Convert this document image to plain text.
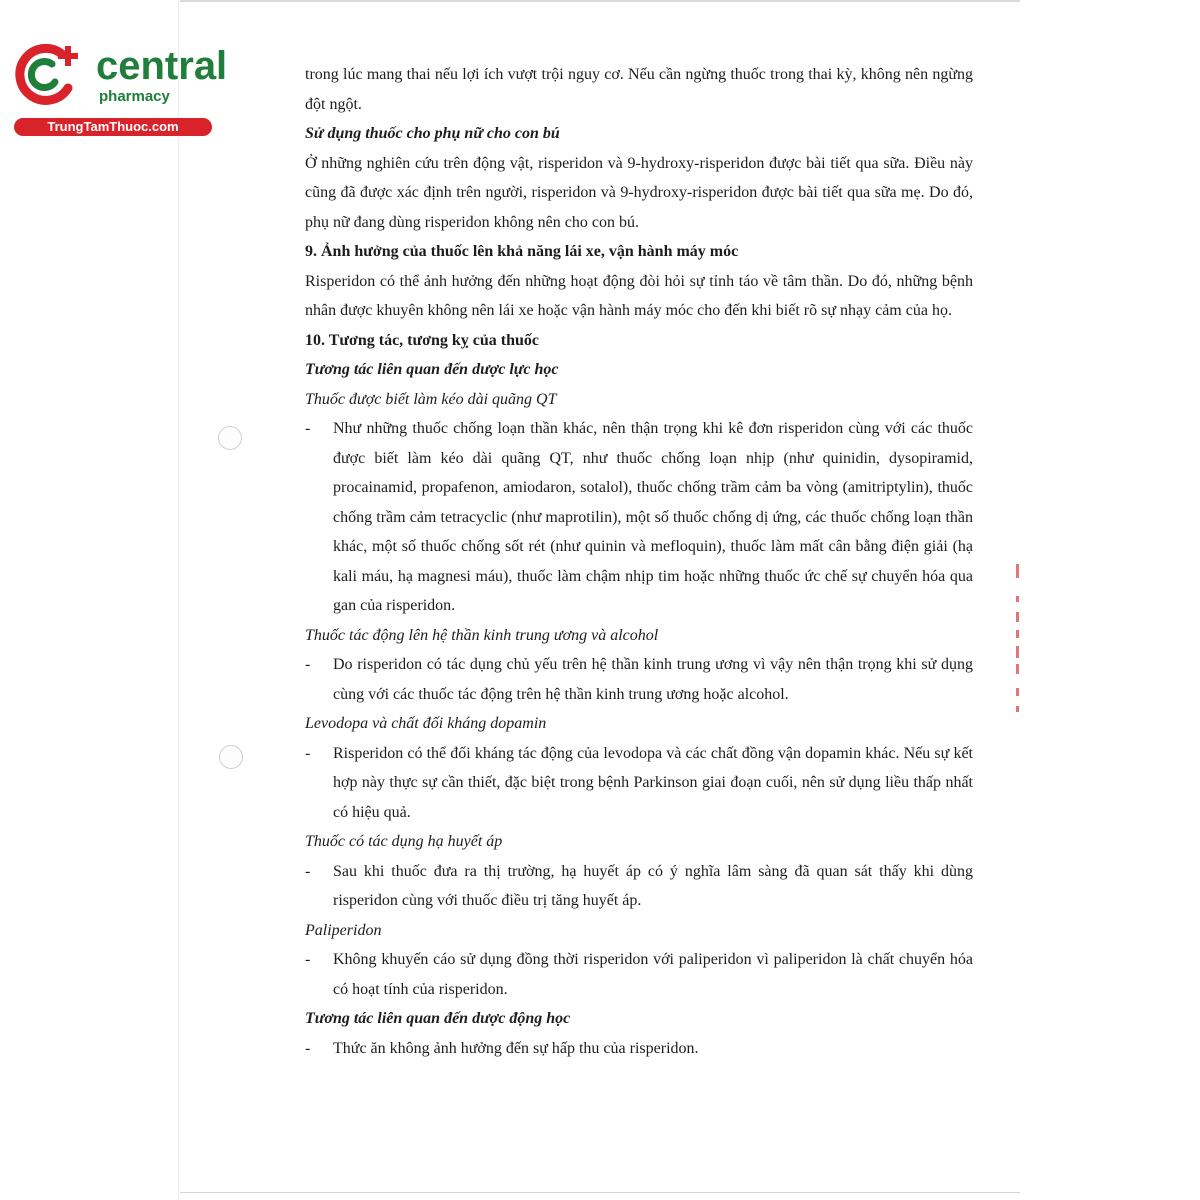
central
pharmacy
TrungTamThuoc.com

trong lúc mang thai nếu lợi ích vượt trội nguy cơ. Nếu cần ngừng thuốc trong thai kỳ, không nên ngừng đột ngột.

Sử dụng thuốc cho phụ nữ cho con bú

Ở những nghiên cứu trên động vật, risperidon và 9-hydroxy-risperidon được bài tiết qua sữa. Điều này cũng đã được xác định trên người, risperidon và 9-hydroxy-risperidon được bài tiết qua sữa mẹ. Do đó, phụ nữ đang dùng risperidon không nên cho con bú.

9. Ảnh hưởng của thuốc lên khả năng lái xe, vận hành máy móc

Risperidon có thể ảnh hưởng đến những hoạt động đòi hỏi sự tỉnh táo về tâm thần. Do đó, những bệnh nhân được khuyên không nên lái xe hoặc vận hành máy móc cho đến khi biết rõ sự nhạy cảm của họ.

10. Tương tác, tương kỵ của thuốc

Tương tác liên quan đến dược lực học

Thuốc được biết làm kéo dài quãng QT

-	Như những thuốc chống loạn thần khác, nên thận trọng khi kê đơn risperidon cùng với các thuốc được biết làm kéo dài quãng QT, như thuốc chống loạn nhịp (như quinidin, dysopiramid, procainamid, propafenon, amiodaron, sotalol), thuốc chống trầm cảm ba vòng (amitriptylin), thuốc chống trầm cảm tetracyclic (như maprotilin), một số thuốc chống dị ứng, các thuốc chống loạn thần khác, một số thuốc chống sốt rét (như quinin và mefloquin), thuốc làm mất cân bằng điện giải (hạ kali máu, hạ magnesi máu), thuốc làm chậm nhịp tim hoặc những thuốc ức chế sự chuyển hóa qua gan của risperidon.

Thuốc tác động lên hệ thần kinh trung ương và alcohol

-	Do risperidon có tác dụng chủ yếu trên hệ thần kinh trung ương vì vậy nên thận trọng khi sử dụng cùng với các thuốc tác động trên hệ thần kinh trung ương hoặc alcohol.

Levodopa và chất đối kháng dopamin

-	Risperidon có thể đối kháng tác động của levodopa và các chất đồng vận dopamin khác. Nếu sự kết hợp này thực sự cần thiết, đặc biệt trong bệnh Parkinson giai đoạn cuối, nên sử dụng liều thấp nhất có hiệu quả.

Thuốc có tác dụng hạ huyết áp

-	Sau khi thuốc đưa ra thị trường, hạ huyết áp có ý nghĩa lâm sàng đã quan sát thấy khi dùng risperidon cùng với thuốc điều trị tăng huyết áp.

Paliperidon

-	Không khuyến cáo sử dụng đồng thời risperidon với paliperidon vì paliperidon là chất chuyển hóa có hoạt tính của risperidon.

Tương tác liên quan đến dược động học

-	Thức ăn không ảnh hưởng đến sự hấp thu của risperidon.
